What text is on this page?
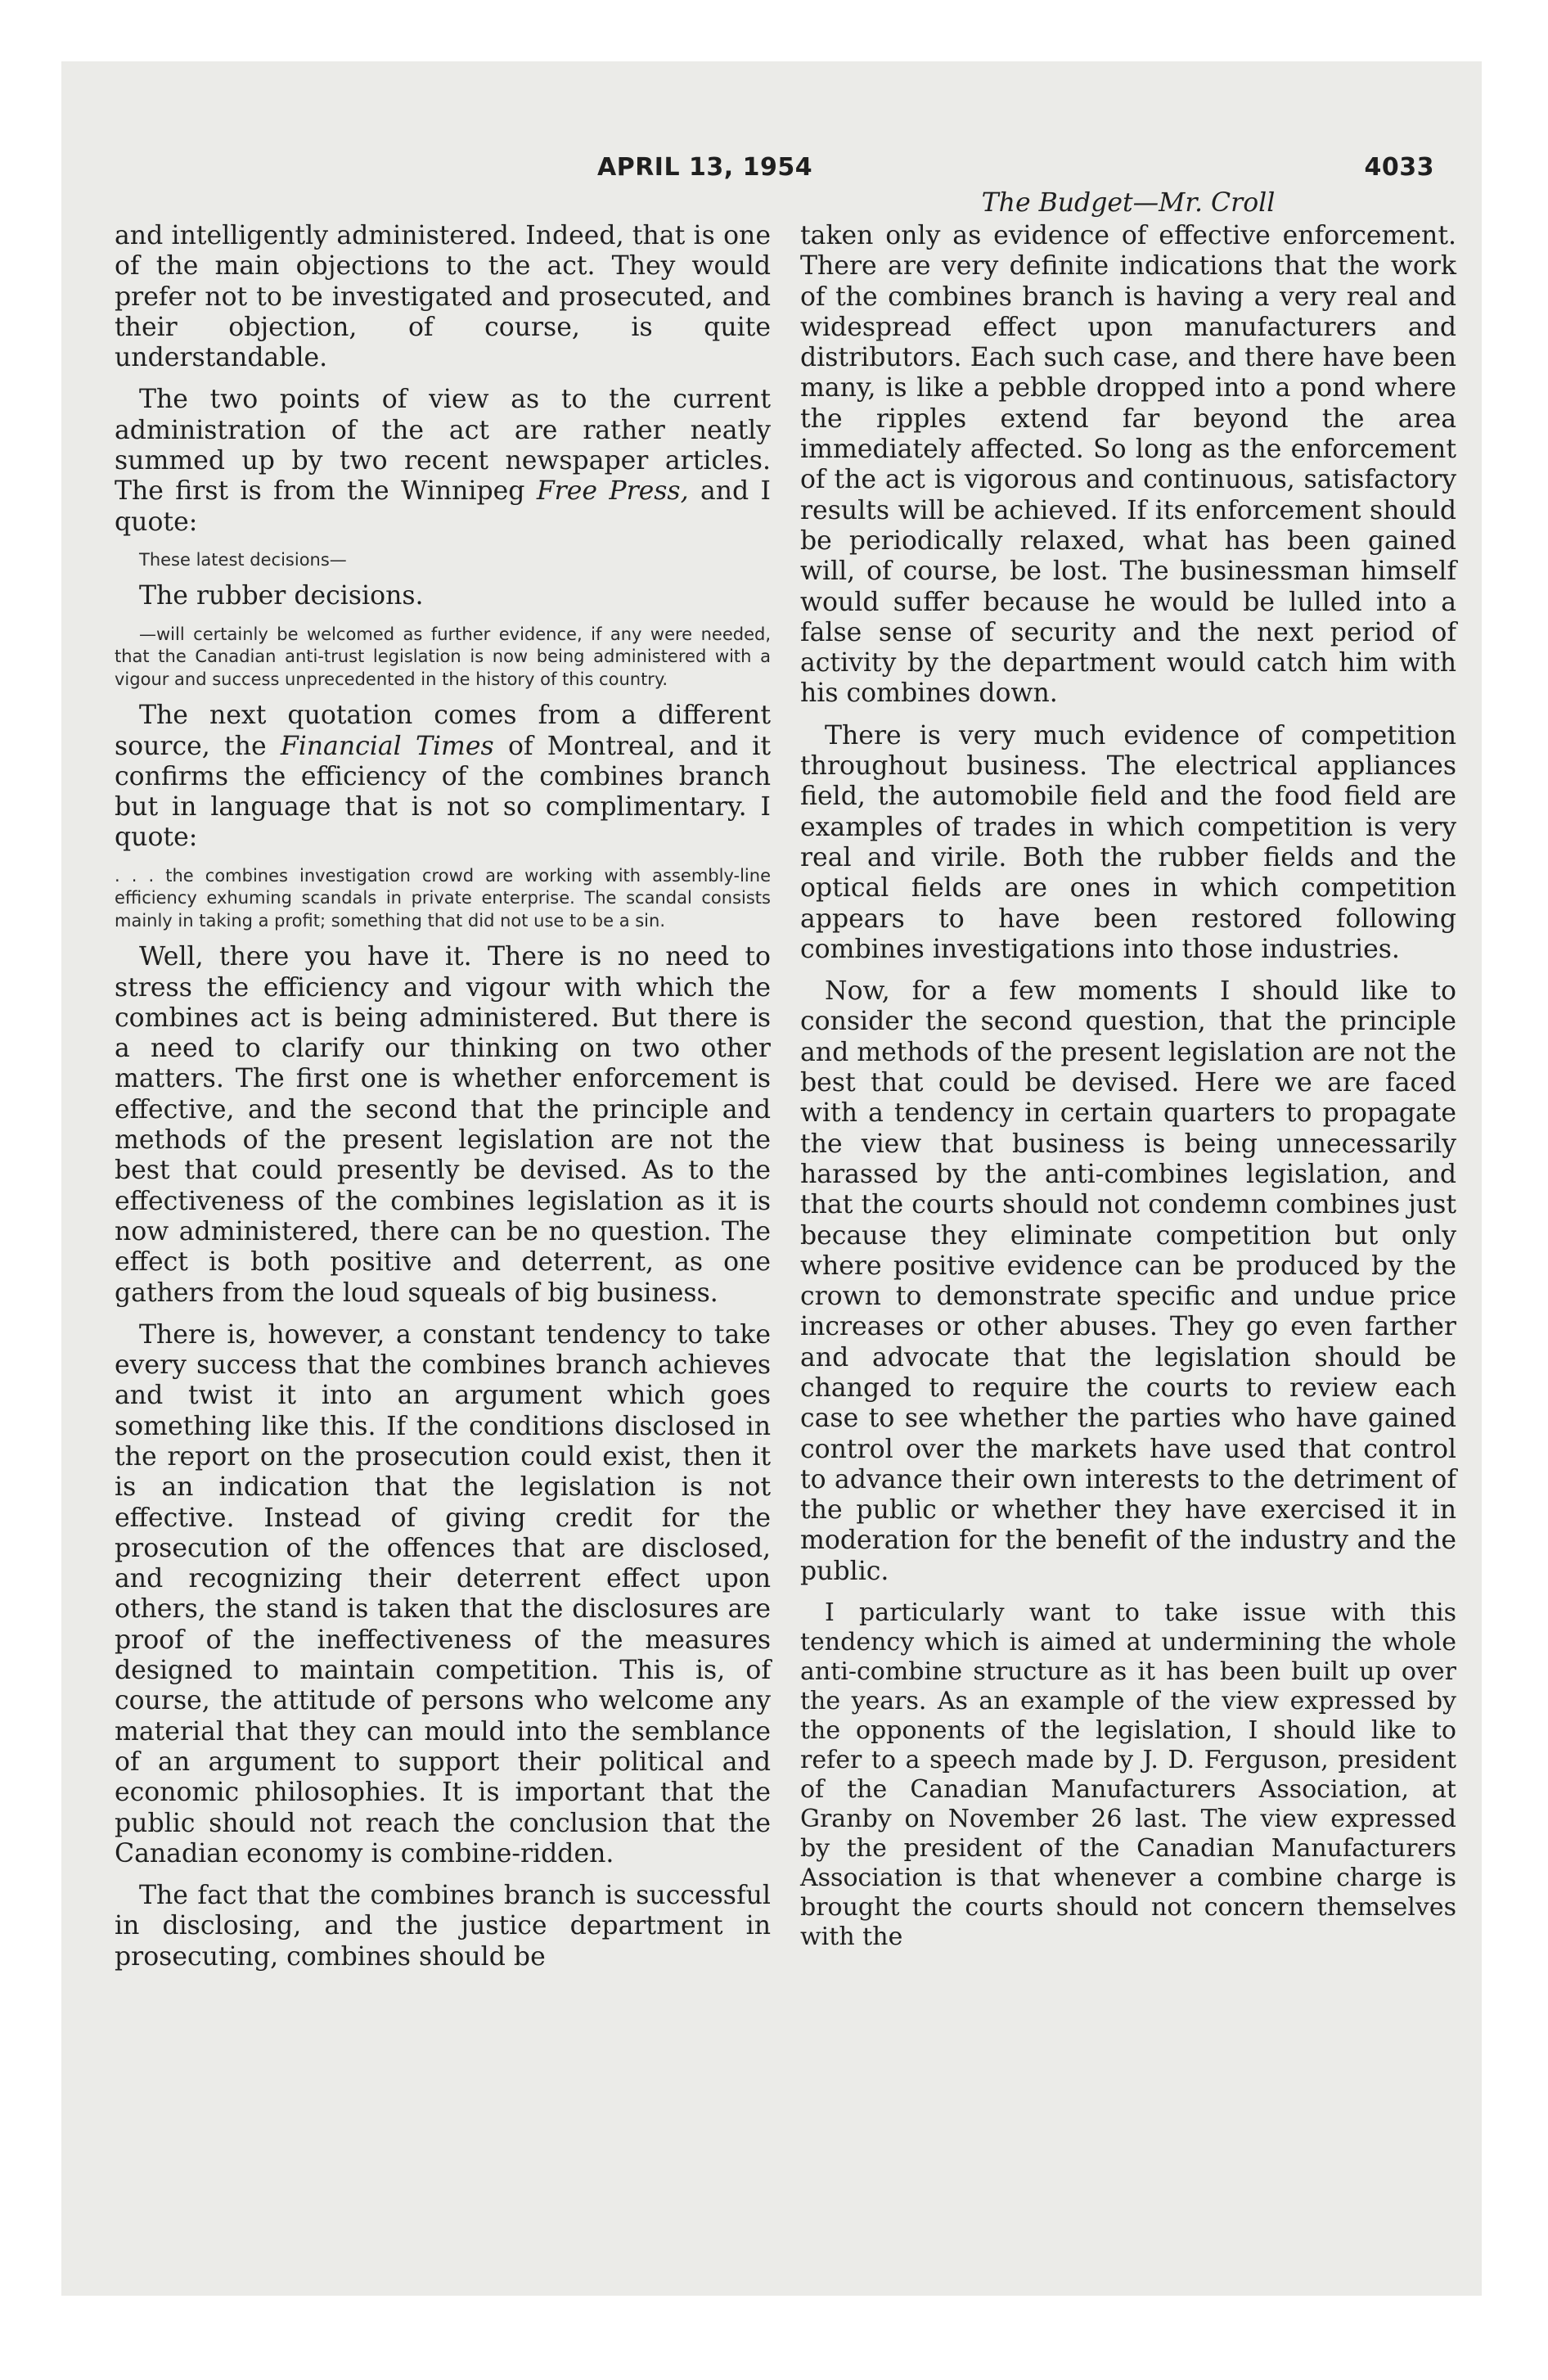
APRIL 13, 1954	4033

and intelligently administered. Indeed, that is one of the main objections to the act. They would prefer not to be investigated and prosecuted, and their objection, of course, is quite understandable.

The two points of view as to the current administration of the act are rather neatly summed up by two recent newspaper articles. The first is from the Winnipeg Free Press, and I quote:

These latest decisions—

The rubber decisions.

—will certainly be welcomed as further evidence, if any were needed, that the Canadian anti-trust legislation is now being administered with a vigour and success unprecedented in the history of this country.

The next quotation comes from a different source, the Financial Times of Montreal, and it confirms the efficiency of the combines branch but in language that is not so complimentary. I quote:

. . . the combines investigation crowd are working with assembly-line efficiency exhuming scandals in private enterprise. The scandal consists mainly in taking a profit; something that did not use to be a sin.

Well, there you have it. There is no need to stress the efficiency and vigour with which the combines act is being administered. But there is a need to clarify our thinking on two other matters. The first one is whether enforcement is effective, and the second that the principle and methods of the present legislation are not the best that could presently be devised. As to the effectiveness of the combines legislation as it is now administered, there can be no question. The effect is both positive and deterrent, as one gathers from the loud squeals of big business.

There is, however, a constant tendency to take every success that the combines branch achieves and twist it into an argument which goes something like this. If the conditions disclosed in the report on the prosecution could exist, then it is an indication that the legislation is not effective. Instead of giving credit for the prosecution of the offences that are disclosed, and recognizing their deterrent effect upon others, the stand is taken that the disclosures are proof of the ineffectiveness of the measures designed to maintain competition. This is, of course, the attitude of persons who welcome any material that they can mould into the semblance of an argument to support their political and economic philosophies. It is important that the public should not reach the conclusion that the Canadian economy is combine-ridden.

The fact that the combines branch is successful in disclosing, and the justice department in prosecuting, combines should be

The Budget—Mr. Croll

taken only as evidence of effective enforcement. There are very definite indications that the work of the combines branch is having a very real and widespread effect upon manufacturers and distributors. Each such case, and there have been many, is like a pebble dropped into a pond where the ripples extend far beyond the area immediately affected. So long as the enforcement of the act is vigorous and continuous, satisfactory results will be achieved. If its enforcement should be periodically relaxed, what has been gained will, of course, be lost. The businessman himself would suffer because he would be lulled into a false sense of security and the next period of activity by the department would catch him with his combines down.

There is very much evidence of competition throughout business. The electrical appliances field, the automobile field and the food field are examples of trades in which competition is very real and virile. Both the rubber fields and the optical fields are ones in which competition appears to have been restored following combines investigations into those industries.

Now, for a few moments I should like to consider the second question, that the principle and methods of the present legislation are not the best that could be devised. Here we are faced with a tendency in certain quarters to propagate the view that business is being unnecessarily harassed by the anti-combines legislation, and that the courts should not condemn combines just because they eliminate competition but only where positive evidence can be produced by the crown to demonstrate specific and undue price increases or other abuses. They go even farther and advocate that the legislation should be changed to require the courts to review each case to see whether the parties who have gained control over the markets have used that control to advance their own interests to the detriment of the public or whether they have exercised it in moderation for the benefit of the industry and the public.

I particularly want to take issue with this tendency which is aimed at undermining the whole anti-combine structure as it has been built up over the years. As an example of the view expressed by the opponents of the legislation, I should like to refer to a speech made by J. D. Ferguson, president of the Canadian Manufacturers Association, at Granby on November 26 last. The view expressed by the president of the Canadian Manufacturers Association is that whenever a combine charge is brought the courts should not concern themselves with the
